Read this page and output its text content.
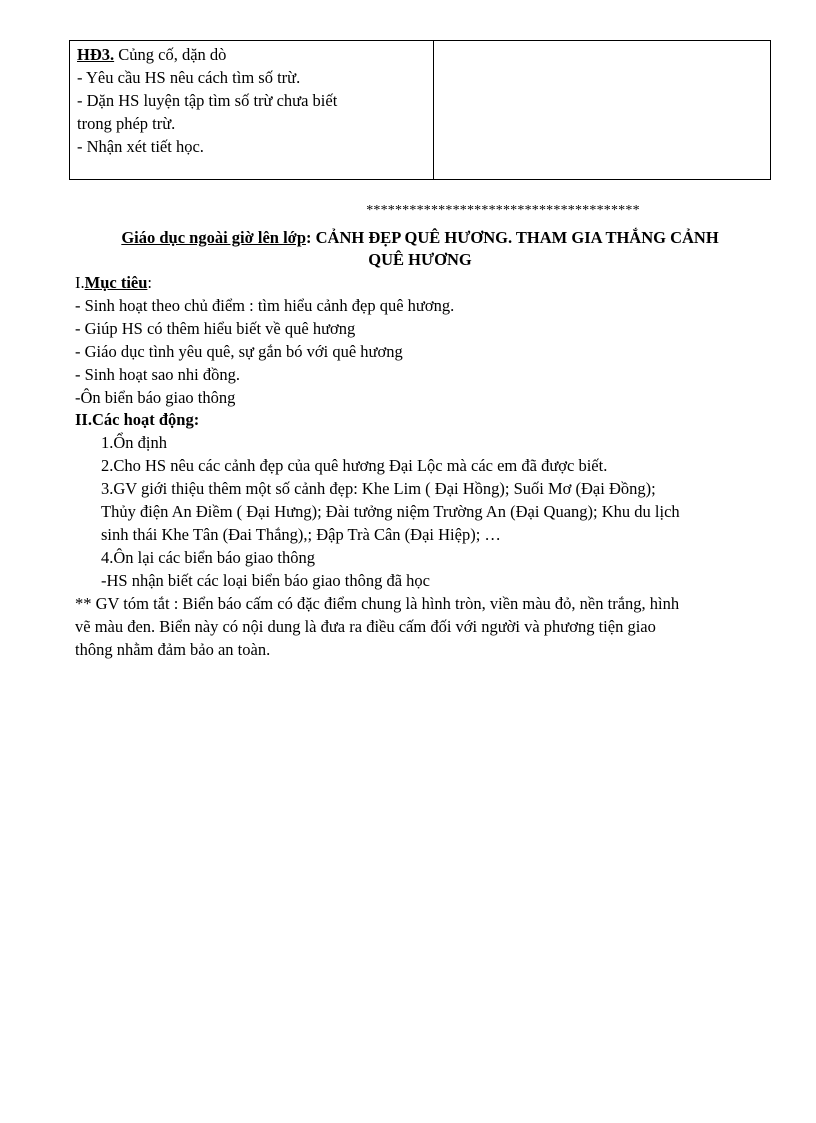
HĐ3. Củng cố, dặn dò
- Yêu cầu HS nêu cách tìm số trừ.
- Dặn HS luyện tập tìm số trừ chưa biết
trong phép trừ.
- Nhận xét tiết học.

**************************************
Giáo dục ngoài giờ lên lớp: CẢNH ĐẸP QUÊ HƯƠNG. THAM GIA THẮNG CẢNH
QUÊ HƯƠNG
I.Mục tiêu:
- Sinh hoạt theo chủ điểm : tìm hiểu cảnh đẹp quê hương.
- Giúp HS có thêm hiểu biết về quê hương
- Giáo dục tình yêu quê, sự gắn bó với quê hương
- Sinh hoạt sao nhi đồng.
-Ôn biển báo giao thông
II.Các hoạt động:
1.Ổn định
2.Cho HS nêu các cảnh đẹp của quê hương Đại Lộc mà các em đã được biết.
3.GV giới thiệu thêm một số cảnh đẹp: Khe Lim ( Đại Hồng); Suối Mơ (Đại Đồng);
Thủy điện An Điềm ( Đại Hưng); Đài tưởng niệm Trường An (Đại Quang); Khu du lịch
sinh thái Khe Tân (Đai Thắng),; Đập Trà Cân (Đại Hiệp); …
4.Ôn lại các biển báo giao thông
-HS nhận biết các loại biển báo giao thông đã học
** GV tóm tắt : Biển báo cấm có đặc điểm chung là hình tròn, viền màu đỏ, nền trắng, hình
vẽ màu đen. Biển này có nội dung là đưa ra điều cấm đối với người và phương tiện giao
thông nhằm đảm bảo an toàn.
